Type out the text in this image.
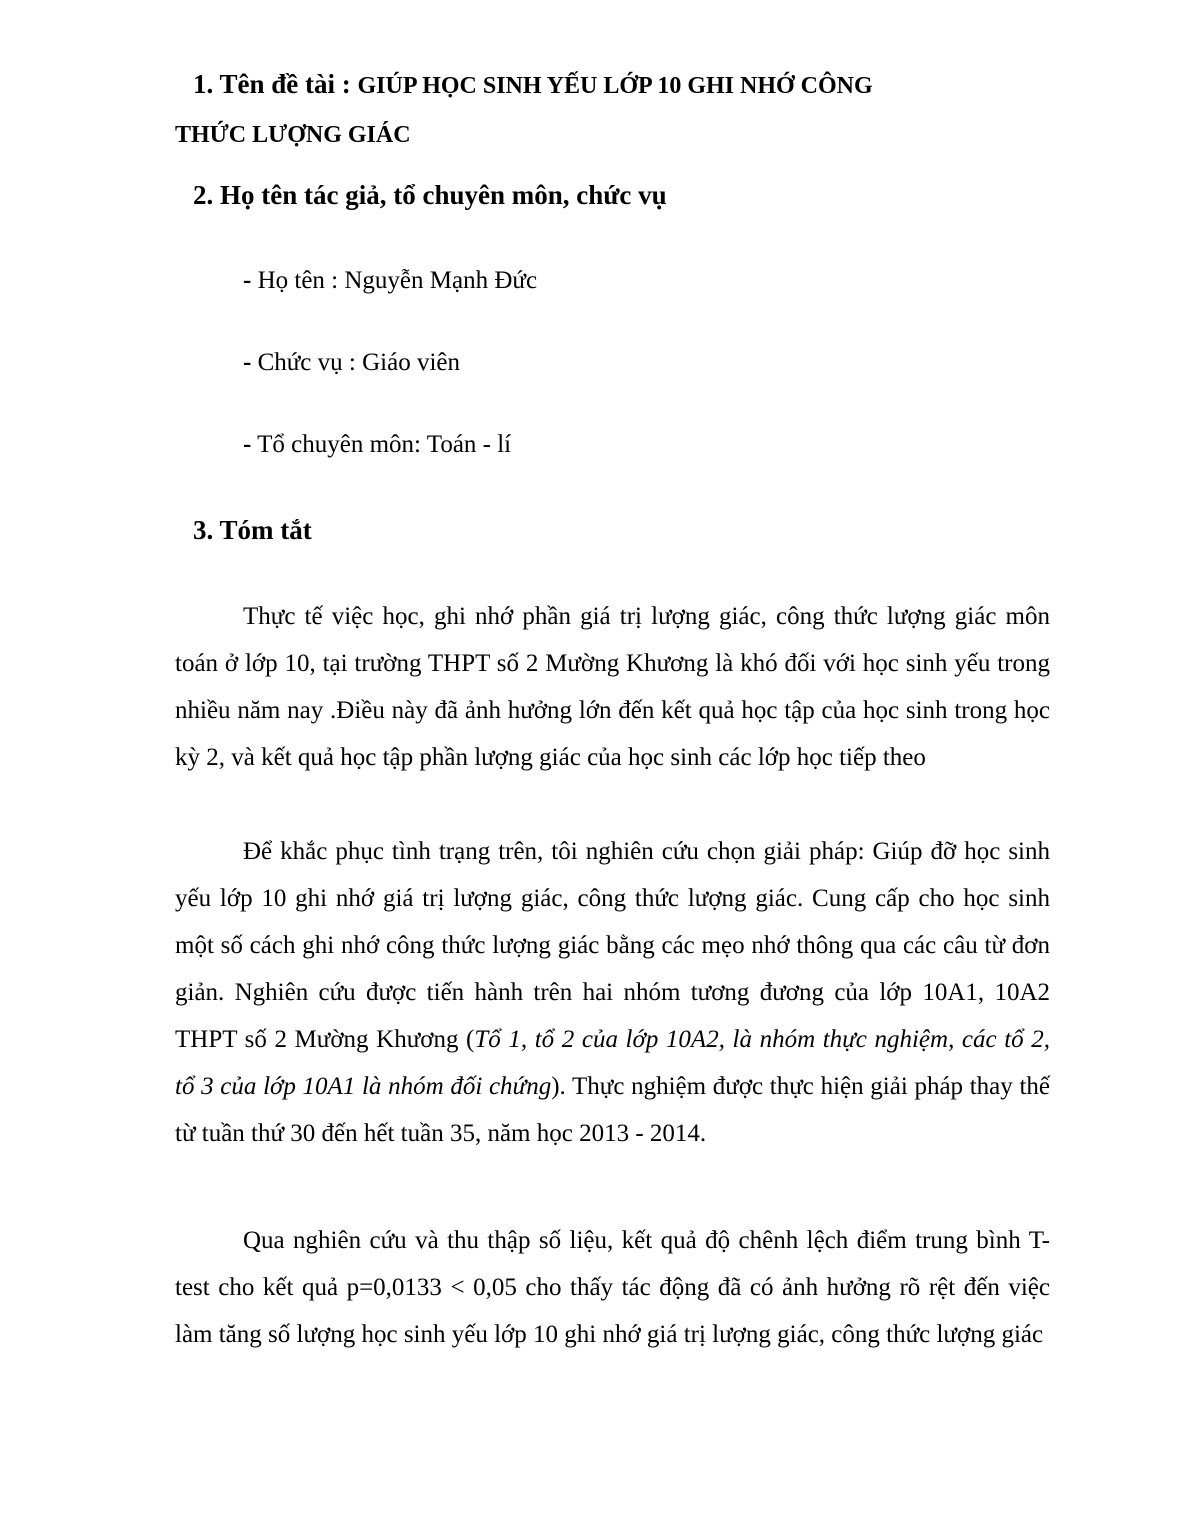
1. Tên đề tài : GIÚP HỌC SINH YẾU LỚP 10 GHI NHỚ CÔNG
THỨC LƯỢNG GIÁC
2. Họ tên tác giả, tổ chuyên môn, chức vụ
- Họ tên : Nguyễn Mạnh Đức
- Chức vụ : Giáo viên
- Tổ chuyên môn: Toán - lí
3. Tóm tắt

Thực tế việc học, ghi nhớ phần giá trị lượng giác, công thức lượng giác môn toán ở lớp 10, tại trường THPT số 2 Mường Khương là khó đối với học sinh yếu trong nhiều năm nay .Điều này đã ảnh hưởng lớn đến kết quả học tập của học sinh trong học kỳ 2, và kết quả học tập phần lượng giác của học sinh các lớp học tiếp theo

Để khắc phục tình trạng trên, tôi nghiên cứu chọn giải pháp: Giúp đỡ học sinh yếu lớp 10 ghi nhớ giá trị lượng giác, công thức lượng giác. Cung cấp cho học sinh một số cách ghi nhớ công thức lượng giác bằng các mẹo nhớ thông qua các câu từ đơn giản. Nghiên cứu được tiến hành trên hai nhóm tương đương của lớp 10A1, 10A2 THPT số 2 Mường Khương (Tổ 1, tổ 2 của lớp 10A2, là nhóm thực nghiệm, các tổ 2, tổ 3 của lớp 10A1 là nhóm đối chứng). Thực nghiệm được thực hiện giải pháp thay thế từ tuần thứ 30 đến hết tuần 35, năm học 2013 - 2014.

Qua nghiên cứu và thu thập số liệu, kết quả độ chênh lệch điểm trung bình T-test cho kết quả p=0,0133 < 0,05 cho thấy tác động đã có ảnh hưởng rõ rệt đến việc làm tăng số lượng học sinh yếu lớp 10 ghi nhớ giá trị lượng giác, công thức lượng giác
